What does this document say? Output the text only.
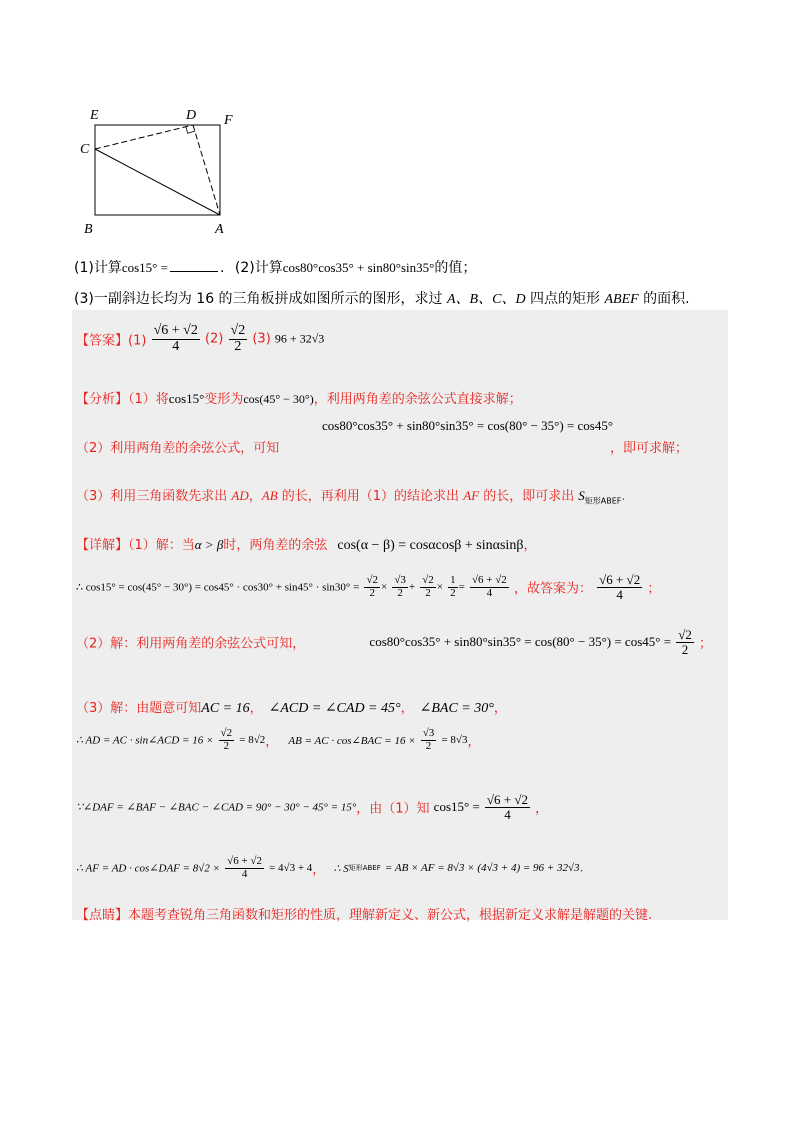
E	D F
C
B	A
(1)计算cos15° =	. (2)计算cos80°cos35° + sin80°sin35°的值；
(3)一副斜边长均为 16 的三角板拼成如图所示的图形，求过 A、B、C、D 四点的矩形 ABEF 的面积.
【答案】$(1) \frac{√6 + √2}{4} (2) \frac{√2}{2} (3) 96 + 32√3$
【分析】（1）将cos15°变形为cos(45° − 30°)，利用两角差的余弦公式直接求解；
cos80°cos35° + sin80°sin35° = cos(80° − 35°) = cos45°
（2）利用两角差的余弦公式，可知	，即可求解；
（3）利用三角函数先求出 AD，AB 的长，再利用（1）的结论求出 AF 的长，即可求出 $S_{矩形ABEF}$.
【详解】（1）解：当α > β时，两角差的余弦 cos(α − β) = cosαcosβ + sinαsinβ，
∴ $\cos 15^\circ = \cos(45^\circ - 30^\circ) = \cos 45^\circ \cdot \cos 30^\circ + \sin 45^\circ \cdot \sin 30^\circ = \frac{√2}{2} \times \frac{√3}{2} + \frac{√2}{2} \times \frac{1}{2} = \frac{√6 + √2}{4}$ ，故答案为： $\frac{√6 + √2}{4}$ ；
（2）解：利用两角差的余弦公式可知，	$\cos 80^\circ\cos 35^\circ + \sin 80^\circ\sin 35^\circ = \cos(80^\circ - 35^\circ) = \cos 45^\circ = \frac{√2}{2}$ ；
（3）解：由题意可知AC = 16， ∠ACD = ∠CAD = 45°， ∠BAC = 30°，
∴ AD = AC · sin∠ACD = $16 \times \frac{√2}{2} = 8√2$， AB = AC · cos∠BAC = $16 \times \frac{√3}{2} = 8√3$，
∵∠DAF = ∠BAF − ∠BAC − ∠CAD = 90° − 30° − 45° = 15°，由（1）知 $\cos 15^\circ = \frac{√6 + √2}{4}$ ，
∴ AF = AD · cos∠DAF = $8√2 \times \frac{√6 + √2}{4} = 4√3 + 4$， ∴ S矩形ABEF = AB × AF = 8√3 × (4√3 + 4) = 96 + 32√3.
【点睛】本题考查锐角三角函数和矩形的性质，理解新定义、新公式，根据新定义求解是解题的关键.
